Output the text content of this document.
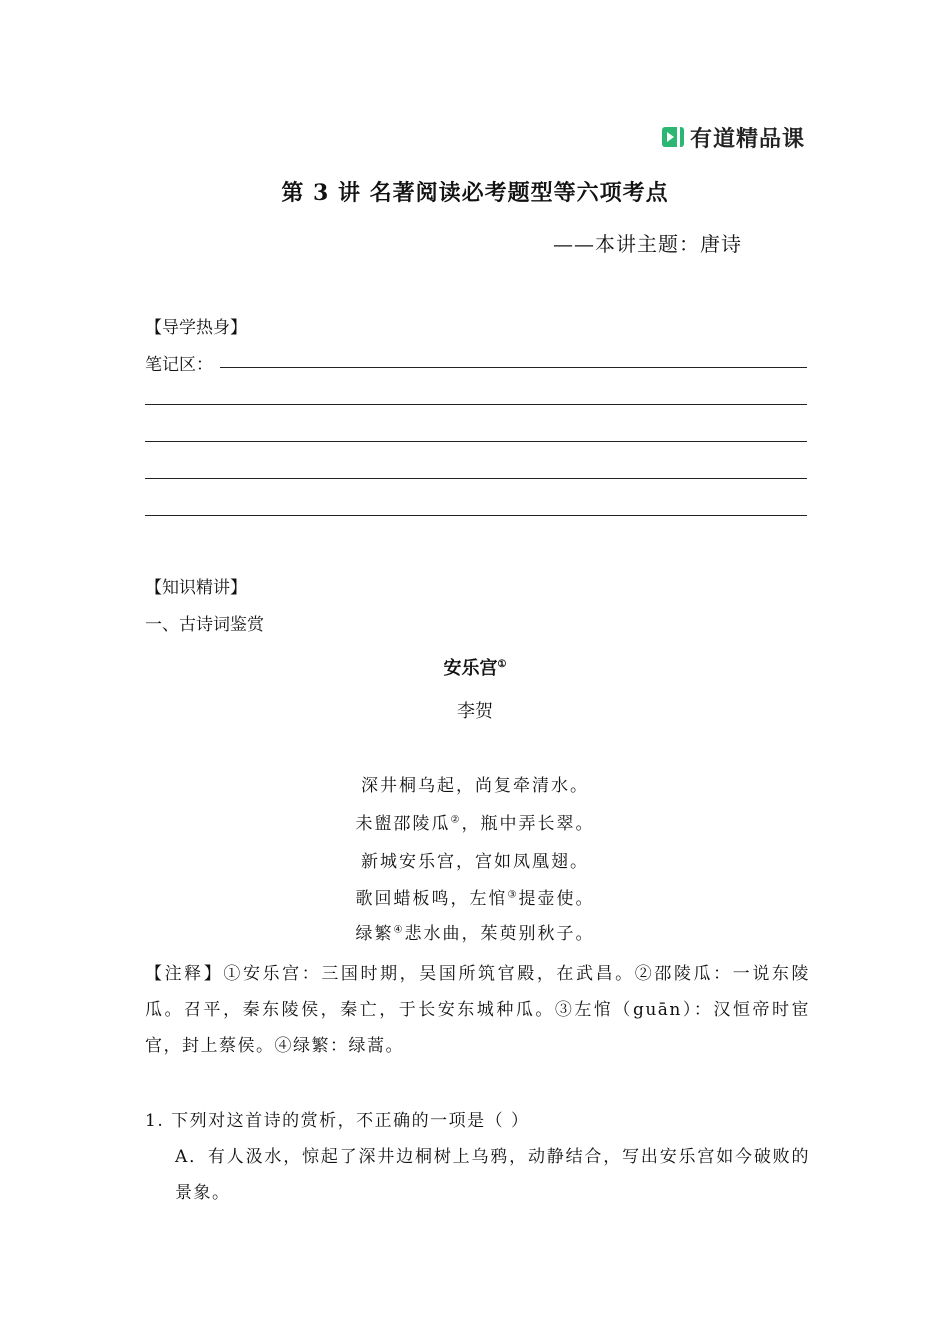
有道精品课
第 3 讲 名著阅读必考题型等六项考点
——本讲主题：唐诗
【导学热身】
笔记区：
【知识精讲】
一、古诗词鉴赏
安乐宫①
李贺
深井桐乌起，尚复牵清水。
未盥邵陵瓜②，瓶中弄长翠。
新城安乐宫，宫如凤凰翅。
歌回蜡板鸣，左悺③提壶使。
绿繁④悲水曲，茱萸别秋子。
【注释】①安乐宫：三国时期，吴国所筑官殿，在武昌。②邵陵瓜：一说东陵瓜。召平，秦东陵侯，秦亡，于长安东城种瓜。③左悺（guān）：汉恒帝时宦官，封上蔡侯。④绿繁：绿蒿。
1. 下列对这首诗的赏析，不正确的一项是（ ）
A．有人汲水，惊起了深井边桐树上乌鸦，动静结合，写出安乐宫如今破败的景象。
